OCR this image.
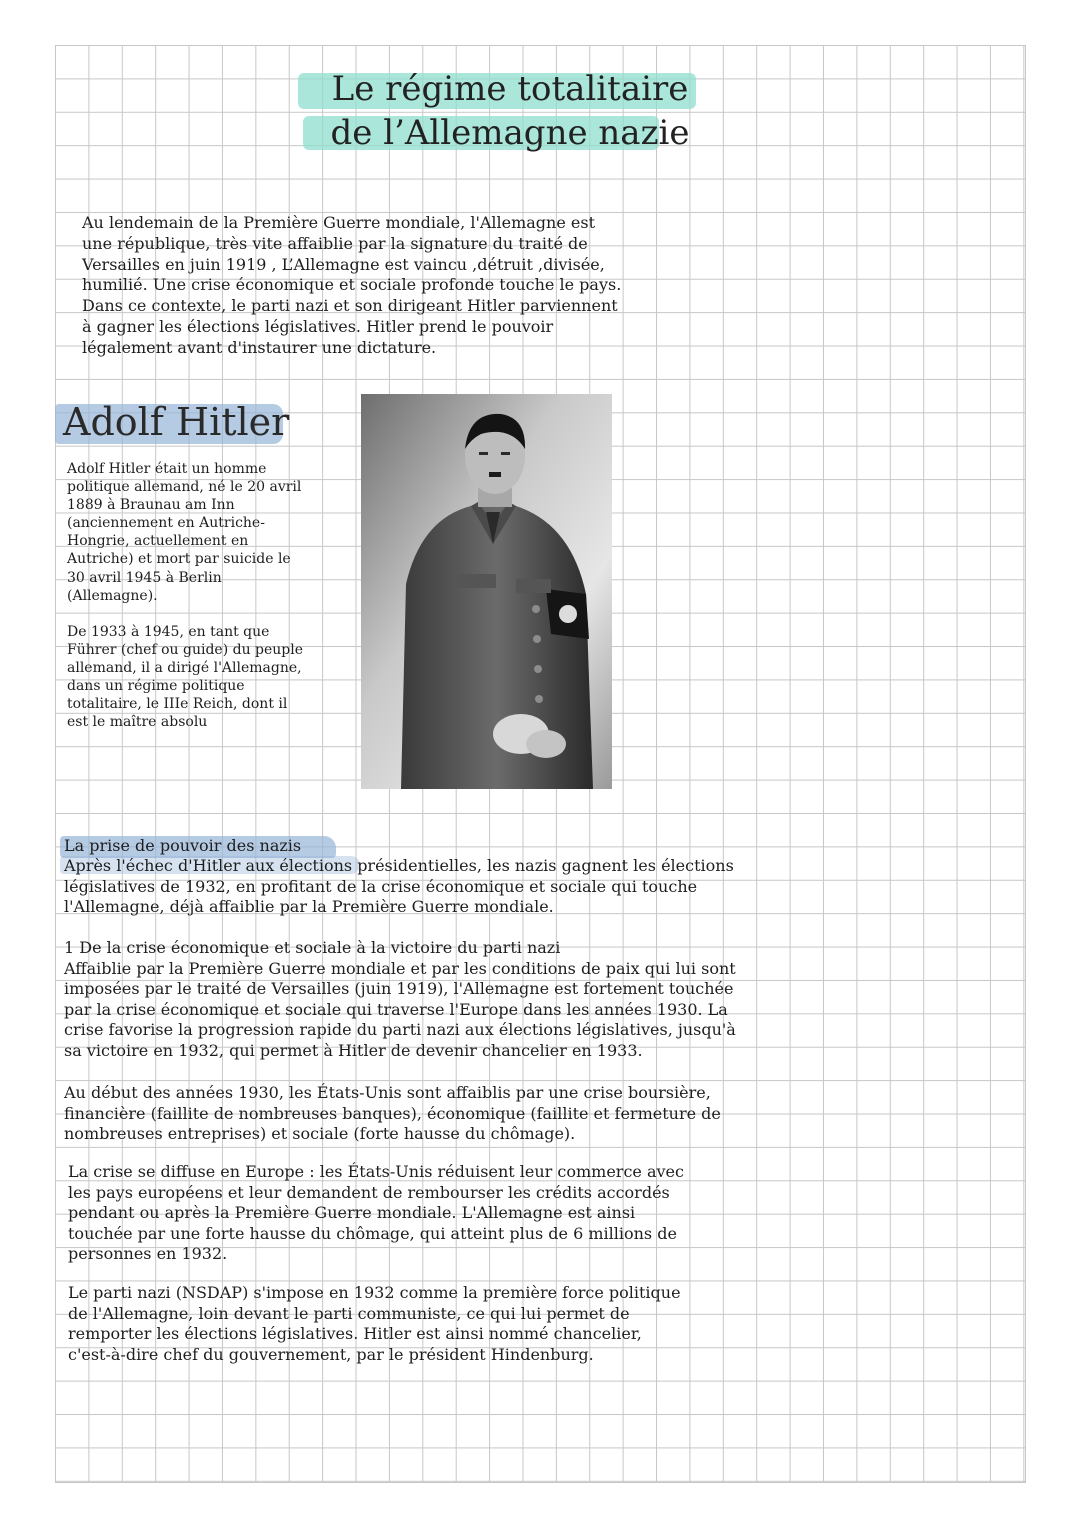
Le régime totalitaire
de l’Allemagne nazie

Au lendemain de la Première Guerre mondiale, l'Allemagne est
une république, très vite affaiblie par la signature du traité de
Versailles en juin 1919 , L’Allemagne est vaincu ,détruit ,divisée,
humilié. Une crise économique et sociale profonde touche le pays.
Dans ce contexte, le parti nazi et son dirigeant Hitler parviennent
à gagner les élections législatives. Hitler prend le pouvoir
légalement avant d'instaurer une dictature.

Adolf Hitler

Adolf Hitler était un homme
politique allemand, né le 20 avril
1889 à Braunau am Inn
(anciennement en Autriche-
Hongrie, actuellement en
Autriche) et mort par suicide le
30 avril 1945 à Berlin
(Allemagne).

De 1933 à 1945, en tant que
Führer (chef ou guide) du peuple
allemand, il a dirigé l'Allemagne,
dans un régime politique
totalitaire, le IIIe Reich, dont il
est le maître absolu

La prise de pouvoir des nazis

Après l'échec d'Hitler aux élections présidentielles, les nazis gagnent les élections
législatives de 1932, en profitant de la crise économique et sociale qui touche
l'Allemagne, déjà affaiblie par la Première Guerre mondiale.

1 De la crise économique et sociale à la victoire du parti nazi
Affaiblie par la Première Guerre mondiale et par les conditions de paix qui lui sont
imposées par le traité de Versailles (juin 1919), l'Allemagne est fortement touchée
par la crise économique et sociale qui traverse l'Europe dans les années 1930. La
crise favorise la progression rapide du parti nazi aux élections législatives, jusqu'à
sa victoire en 1932, qui permet à Hitler de devenir chancelier en 1933.

Au début des années 1930, les États-Unis sont affaiblis par une crise boursière,
financière (faillite de nombreuses banques), économique (faillite et fermeture de
nombreuses entreprises) et sociale (forte hausse du chômage).

La crise se diffuse en Europe : les États-Unis réduisent leur commerce avec
les pays européens et leur demandent de rembourser les crédits accordés
pendant ou après la Première Guerre mondiale. L'Allemagne est ainsi
touchée par une forte hausse du chômage, qui atteint plus de 6 millions de
personnes en 1932.

Le parti nazi (NSDAP) s'impose en 1932 comme la première force politique
de l'Allemagne, loin devant le parti communiste, ce qui lui permet de
remporter les élections législatives. Hitler est ainsi nommé chancelier,
c'est-à-dire chef du gouvernement, par le président Hindenburg.
